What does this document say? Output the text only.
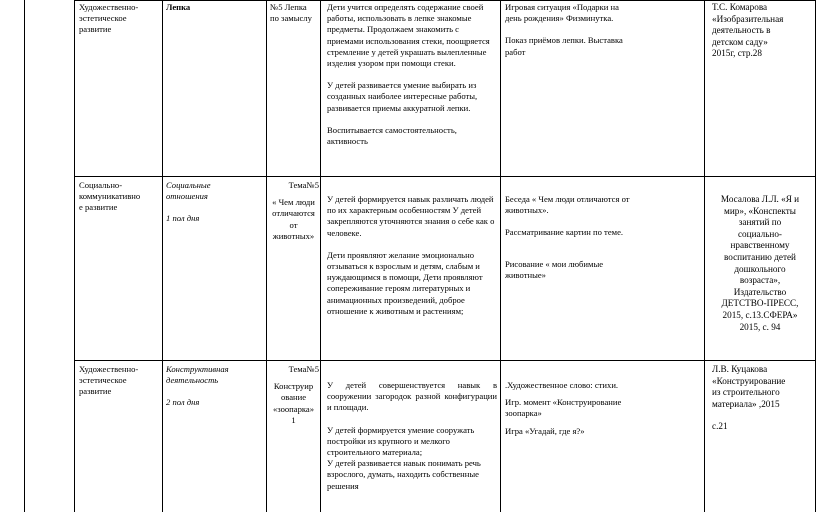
Художественно-
эстетическое
развитие

Лепка	№5 Лепка
по замыслу

Дети учится определять содержание своей работы, использовать в лепке знакомые предметы. Продолжаем знакомить с приемами использования стеки, поощряется стремление у детей украшать вылепленные изделия узором при помощи стеки.

У детей развивается умение выбирать из созданных наиболее интересные работы, развивается приемы аккуратной лепки.

Воспитывается самостоятельность, активность

Игровая ситуация «Подарки на день рождения» Физминутка.

Показ приёмов лепки. Выставка работ

Т.С. Комарова
«Изобразительная
деятельность в
детском саду»
2015г, стр.28

Социально-
коммуникативно
е развитие

Социальные
отношения

1 пол дня

Тема№5

« Чем люди
отличаются
от
животных»

У детей формируется навык различать людей по их характерным особенностям У детей закрепляются уточняются знания о себе как о человеке.

Дети проявляют желание эмоционально отзываться к взрослым и детям, слабым и нуждающимся в помощи, Дети проявляют сопереживание героям литературных и анимационных произведений, доброе отношение к животным и растениям;

Беседа « Чем люди отличаются от животных».

Рассматривание картин по теме.

Рисование « мои любимые животные»

Мосалова Л.Л. «Я и
мир», «Конспекты
занятий по
социально-
нравственному
воспитанию детей
дошкольного
возраста»,
Издательство
ДЕТСТВО-ПРЕСС,
2015, с.13.СФЕРА»
2015, с. 94

Художественно-
эстетическое
развитие

Конструктивная
деятельность

2 пол дня

Тема№5

Конструир
ование
«зоопарка»
1

У детей совершенствуется навык в сооружении загородок разной конфигурации и площади.

У детей формируется умение сооружать постройки из крупного и мелкого строительного материала;

У детей развивается навык понимать речь взрослого, думать, находить собственные решения

.Художественное слово: стихи.

Игр. момент «Конструирование зоопарка»

Игра «Угадай, где я?»

Л.В. Куцакова
«Конструирование
из строительного
материала» ,2015

с.21
